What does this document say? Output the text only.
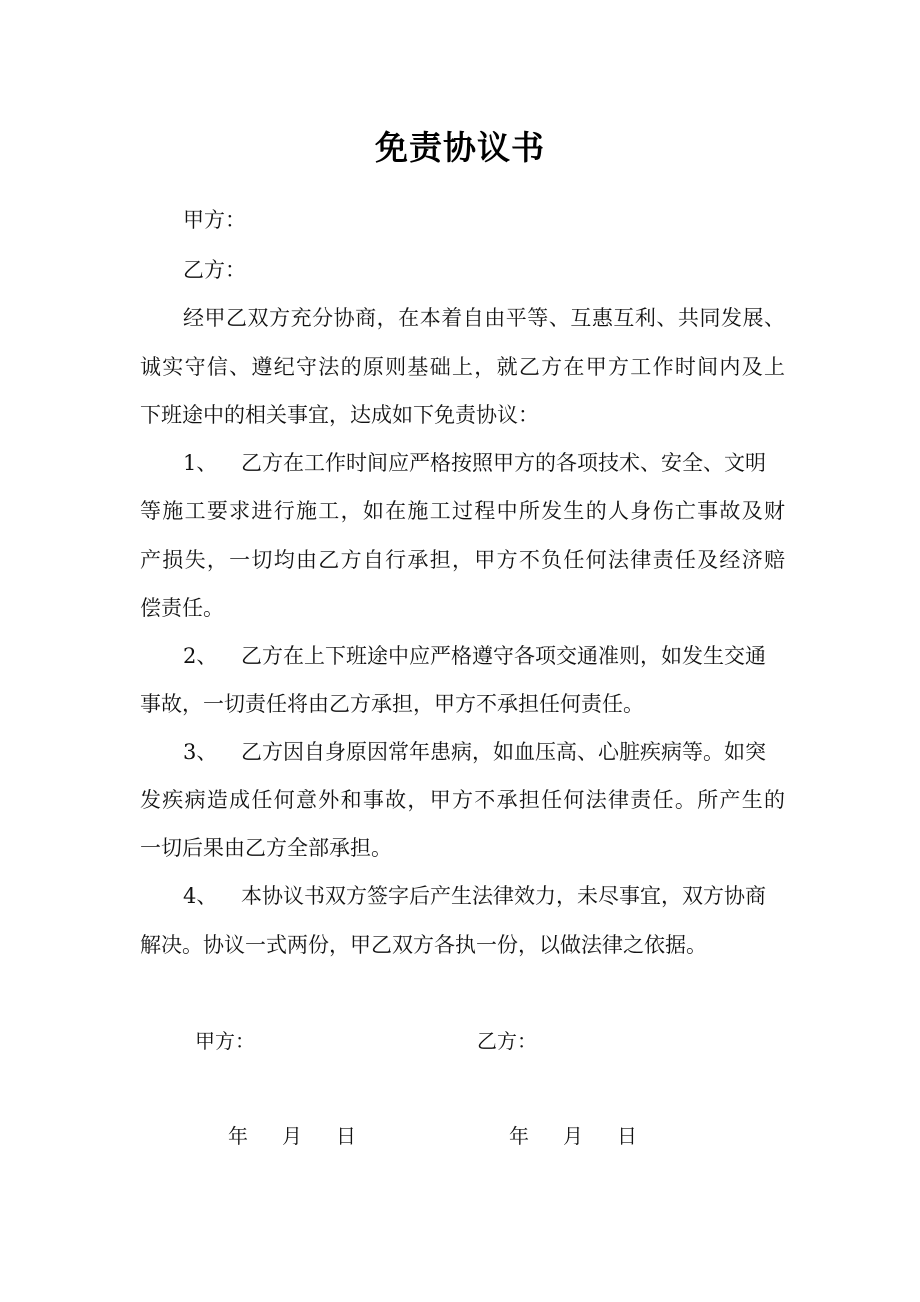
免责协议书
甲方：
乙方：
经甲乙双方充分协商，在本着自由平等、互惠互利、共同发展、
诚实守信、遵纪守法的原则基础上，就乙方在甲方工作时间内及上
下班途中的相关事宜，达成如下免责协议：
1、 乙方在工作时间应严格按照甲方的各项技术、安全、文明
等施工要求进行施工，如在施工过程中所发生的人身伤亡事故及财
产损失，一切均由乙方自行承担，甲方不负任何法律责任及经济赔
偿责任。
2、 乙方在上下班途中应严格遵守各项交通准则，如发生交通
事故，一切责任将由乙方承担，甲方不承担任何责任。
3、 乙方因自身原因常年患病，如血压高、心脏疾病等。如突
发疾病造成任何意外和事故，甲方不承担任何法律责任。所产生的
一切后果由乙方全部承担。
4、 本协议书双方签字后产生法律效力，未尽事宜，双方协商
解决。协议一式两份，甲乙双方各执一份，以做法律之依据。
甲方：	乙方：
年 月 日	年 月 日
